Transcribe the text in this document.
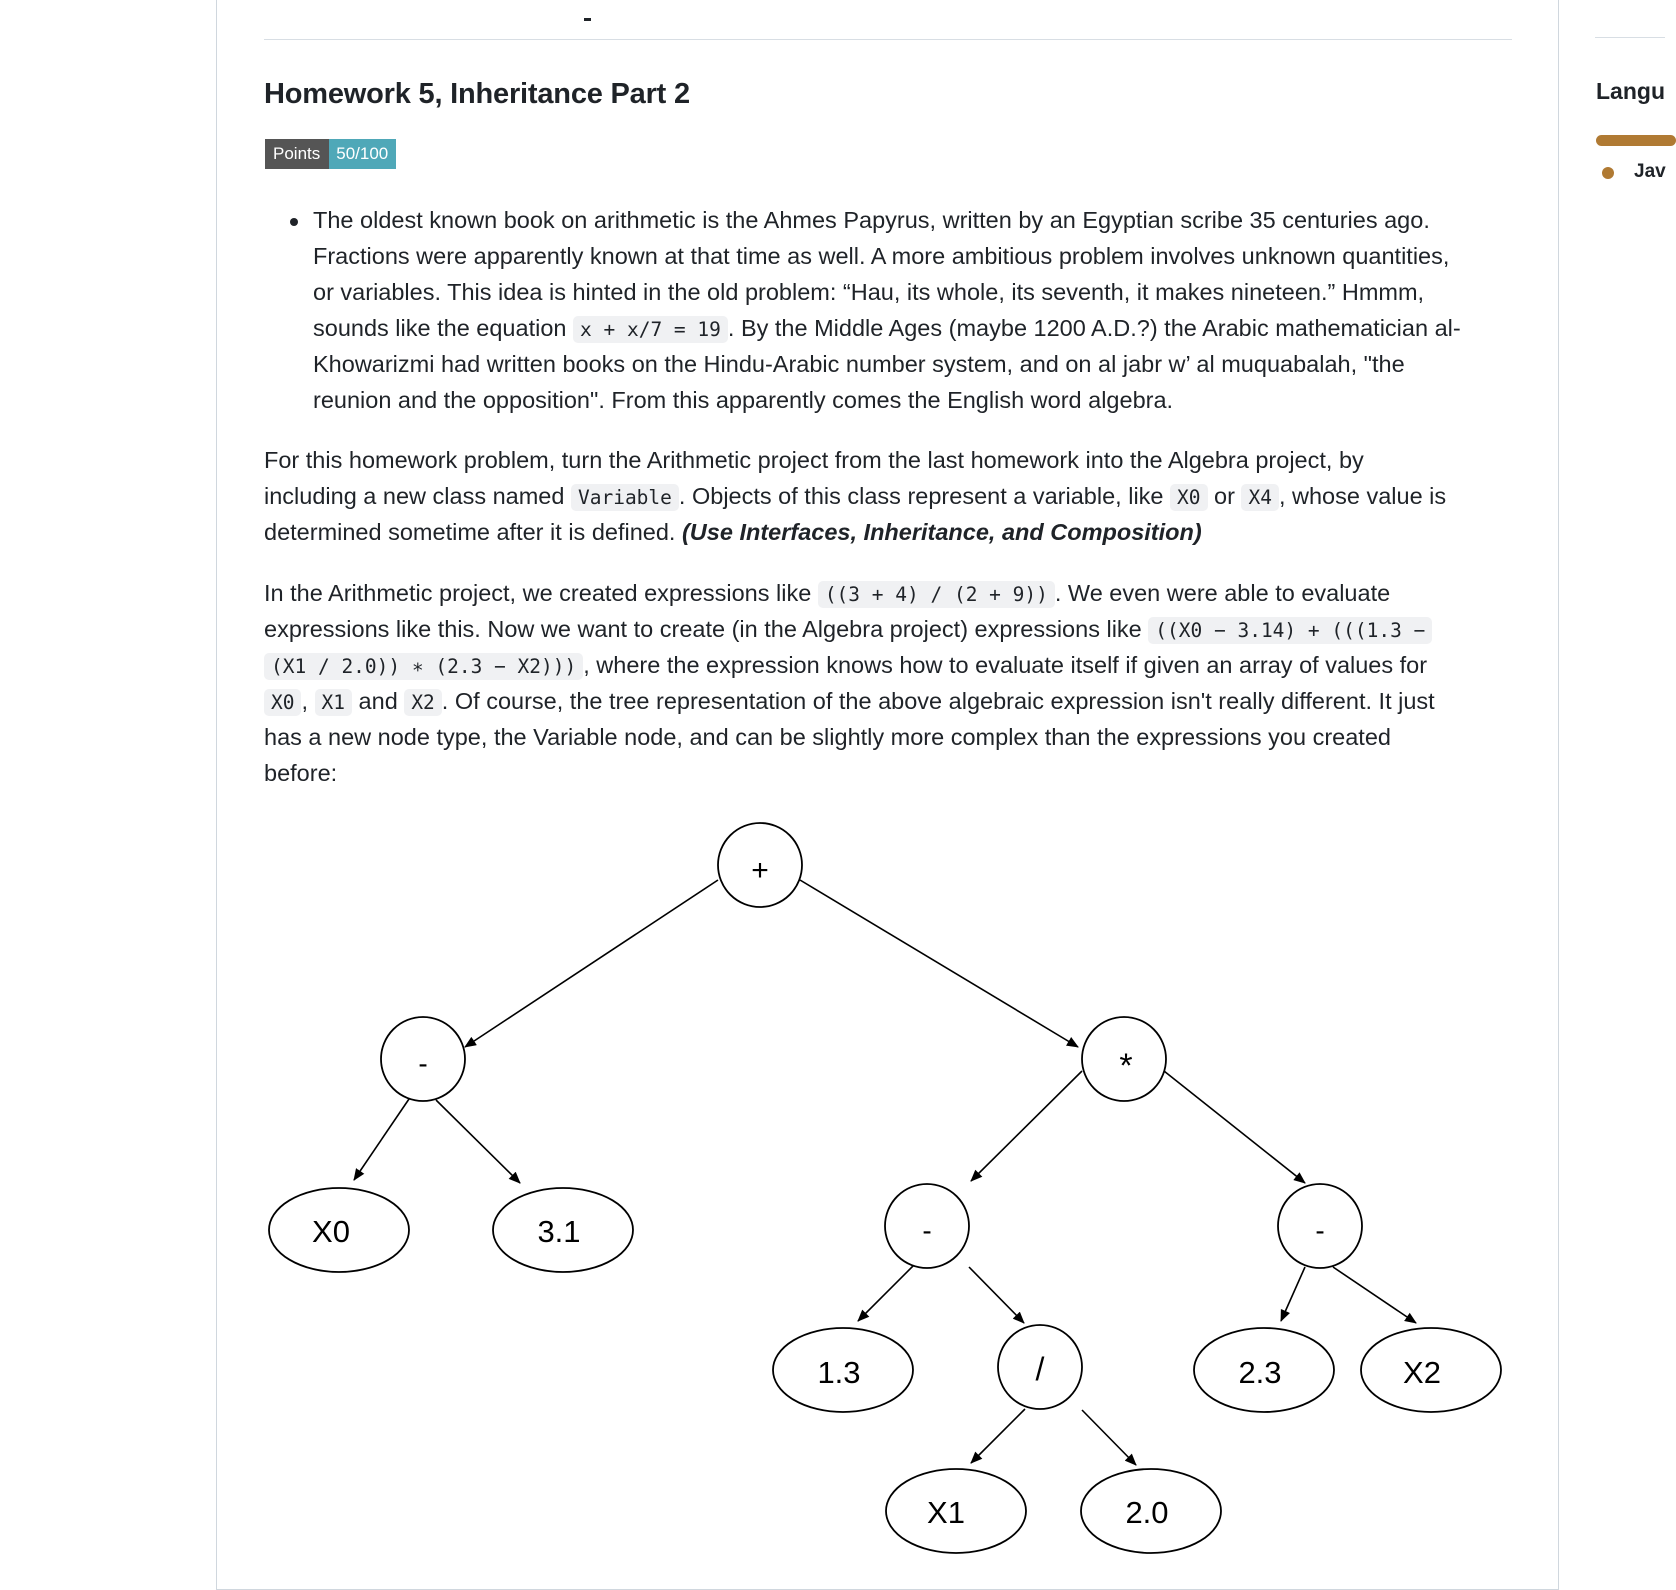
Homework 5, Inheritance Part 2
Points 50/100
The oldest known book on arithmetic is the Ahmes Papyrus, written by an Egyptian scribe 35 centuries ago.
Fractions were apparently known at that time as well. A more ambitious problem involves unknown quantities,
or variables. This idea is hinted in the old problem: “Hau, its whole, its seventh, it makes nineteen.” Hmmm,
sounds like the equation x + x/7 = 19 . By the Middle Ages (maybe 1200 A.D.?) the Arabic mathematician al-
Khowarizmi had written books on the Hindu-Arabic number system, and on al jabr w’ al muquabalah, "the
reunion and the opposition". From this apparently comes the English word algebra.
For this homework problem, turn the Arithmetic project from the last homework into the Algebra project, by
including a new class named Variable . Objects of this class represent a variable, like X0 or X4 , whose value is
determined sometime after it is defined. (Use Interfaces, Inheritance, and Composition)
In the Arithmetic project, we created expressions like ((3 + 4) / (2 + 9)) . We even were able to evaluate
expressions like this. Now we want to create (in the Algebra project) expressions like ((X0 − 3.14) + (((1.3 −
(X1 / 2.0)) ∗ (2.3 − X2))) , where the expression knows how to evaluate itself if given an array of values for
X0 , X1 and X2 . Of course, the tree representation of the above algebraic expression isn't really different. It just
has a new node type, the Variable node, and can be slightly more complex than the expressions you created
before:
+
-	*
-	-
/
X0	3.1
1.3	2.3	X2
X1	2.0
Langu
Jav
